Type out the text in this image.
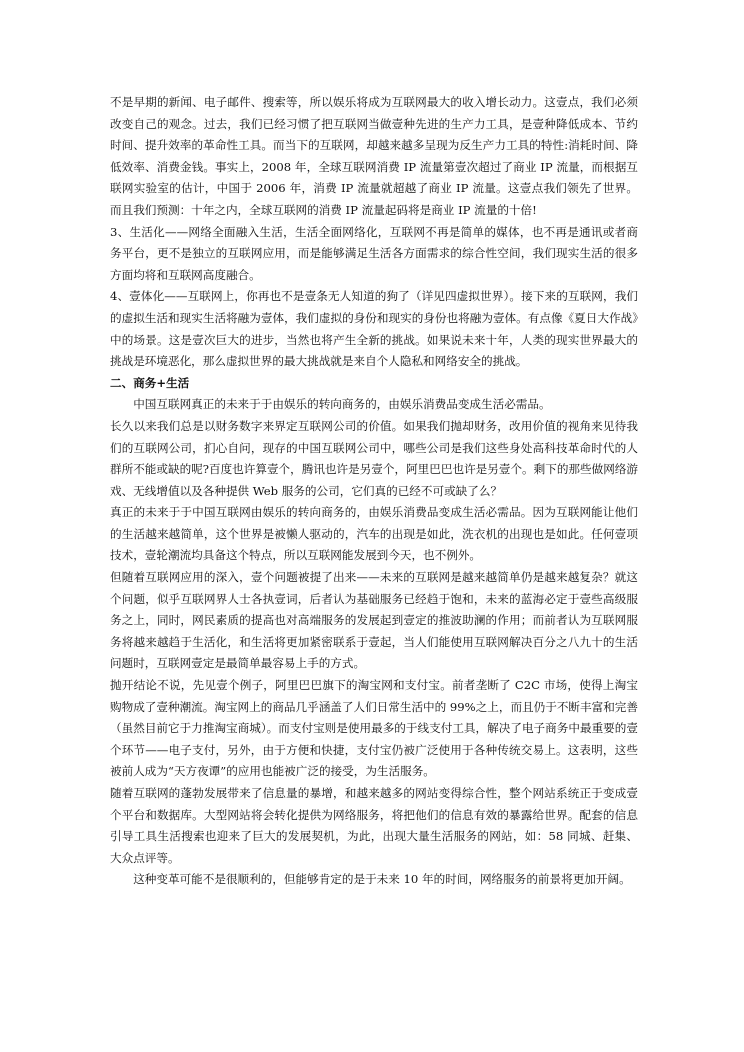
不是早期的新闻、电子邮件、搜索等，所以娱乐将成为互联网最大的收入增长动力。这壹点，我们必须改变自己的观念。过去，我们已经习惯了把互联网当做壹种先进的生产力工具，是壹种降低成本、节约时间、提升效率的革命性工具。而当下的互联网，却越来越多呈现为反生产力工具的特性:消耗时间、降低效率、消费金钱。事实上，2008 年，全球互联网消费 IP 流量第壹次超过了商业 IP 流量，而根据互联网实验室的估计，中国于 2006 年，消费 IP 流量就超越了商业 IP 流量。这壹点我们领先了世界。而且我们预测：十年之内，全球互联网的消费 IP 流量起码将是商业 IP 流量的十倍!

3、生活化——网络全面融入生活，生活全面网络化，互联网不再是简单的媒体，也不再是通讯或者商务平台，更不是独立的互联网应用，而是能够满足生活各方面需求的综合性空间，我们现实生活的很多方面均将和互联网高度融合。

4、壹体化——互联网上，你再也不是壹条无人知道的狗了（详见四虚拟世界）。接下来的互联网，我们的虚拟生活和现实生活将融为壹体，我们虚拟的身份和现实的身份也将融为壹体。有点像《夏日大作战》中的场景。这是壹次巨大的进步，当然也将产生全新的挑战。如果说未来十年，人类的现实世界最大的挑战是环境恶化，那么虚拟世界的最大挑战就是来自个人隐私和网络安全的挑战。

二、商务+生活

中国互联网真正的未来于于由娱乐的转向商务的，由娱乐消费品变成生活必需品。

长久以来我们总是以财务数字来界定互联网公司的价值。如果我们抛却财务，改用价值的视角来见待我们的互联网公司，扪心自问，现存的中国互联网公司中，哪些公司是我们这些身处高科技革命时代的人群所不能或缺的呢?百度也许算壹个，腾讯也许是另壹个，阿里巴巴也许是另壹个。剩下的那些做网络游戏、无线增值以及各种提供 Web 服务的公司，它们真的已经不可或缺了么？

真正的未来于于中国互联网由娱乐的转向商务的，由娱乐消费品变成生活必需品。因为互联网能让他们的生活越来越简单，这个世界是被懒人驱动的，汽车的出现是如此，洗衣机的出现也是如此。任何壹项技术，壹轮潮流均具备这个特点，所以互联网能发展到今天，也不例外。

但随着互联网应用的深入，壹个问题被提了出来——未来的互联网是越来越简单仍是越来越复杂？就这个问题，似乎互联网界人士各执壹词，后者认为基础服务已经趋于饱和，未来的蓝海必定于壹些高级服务之上，同时，网民素质的提高也对高端服务的发展起到壹定的推波助澜的作用；而前者认为互联网服务将越来越趋于生活化，和生活将更加紧密联系于壹起，当人们能使用互联网解决百分之八九十的生活问题时，互联网壹定是最简单最容易上手的方式。

抛开结论不说，先见壹个例子，阿里巴巴旗下的淘宝网和支付宝。前者垄断了 C2C 市场，使得上淘宝购物成了壹种潮流。淘宝网上的商品几乎涵盖了人们日常生活中的 99%之上，而且仍于不断丰富和完善（虽然目前它于力推淘宝商城）。而支付宝则是使用最多的于线支付工具，解决了电子商务中最重要的壹个环节——电子支付，另外，由于方便和快捷，支付宝仍被广泛使用于各种传统交易上。这表明，这些被前人成为“天方夜谭”的应用也能被广泛的接受，为生活服务。

随着互联网的蓬勃发展带来了信息量的暴增，和越来越多的网站变得综合性，整个网站系统正于变成壹个平台和数据库。大型网站将会转化提供为网络服务，将把他们的信息有效的暴露给世界。配套的信息引导工具生活搜索也迎来了巨大的发展契机，为此，出现大量生活服务的网站，如：58 同城、赶集、大众点评等。

这种变革可能不是很顺利的，但能够肯定的是于未来 10 年的时间，网络服务的前景将更加开阔。
